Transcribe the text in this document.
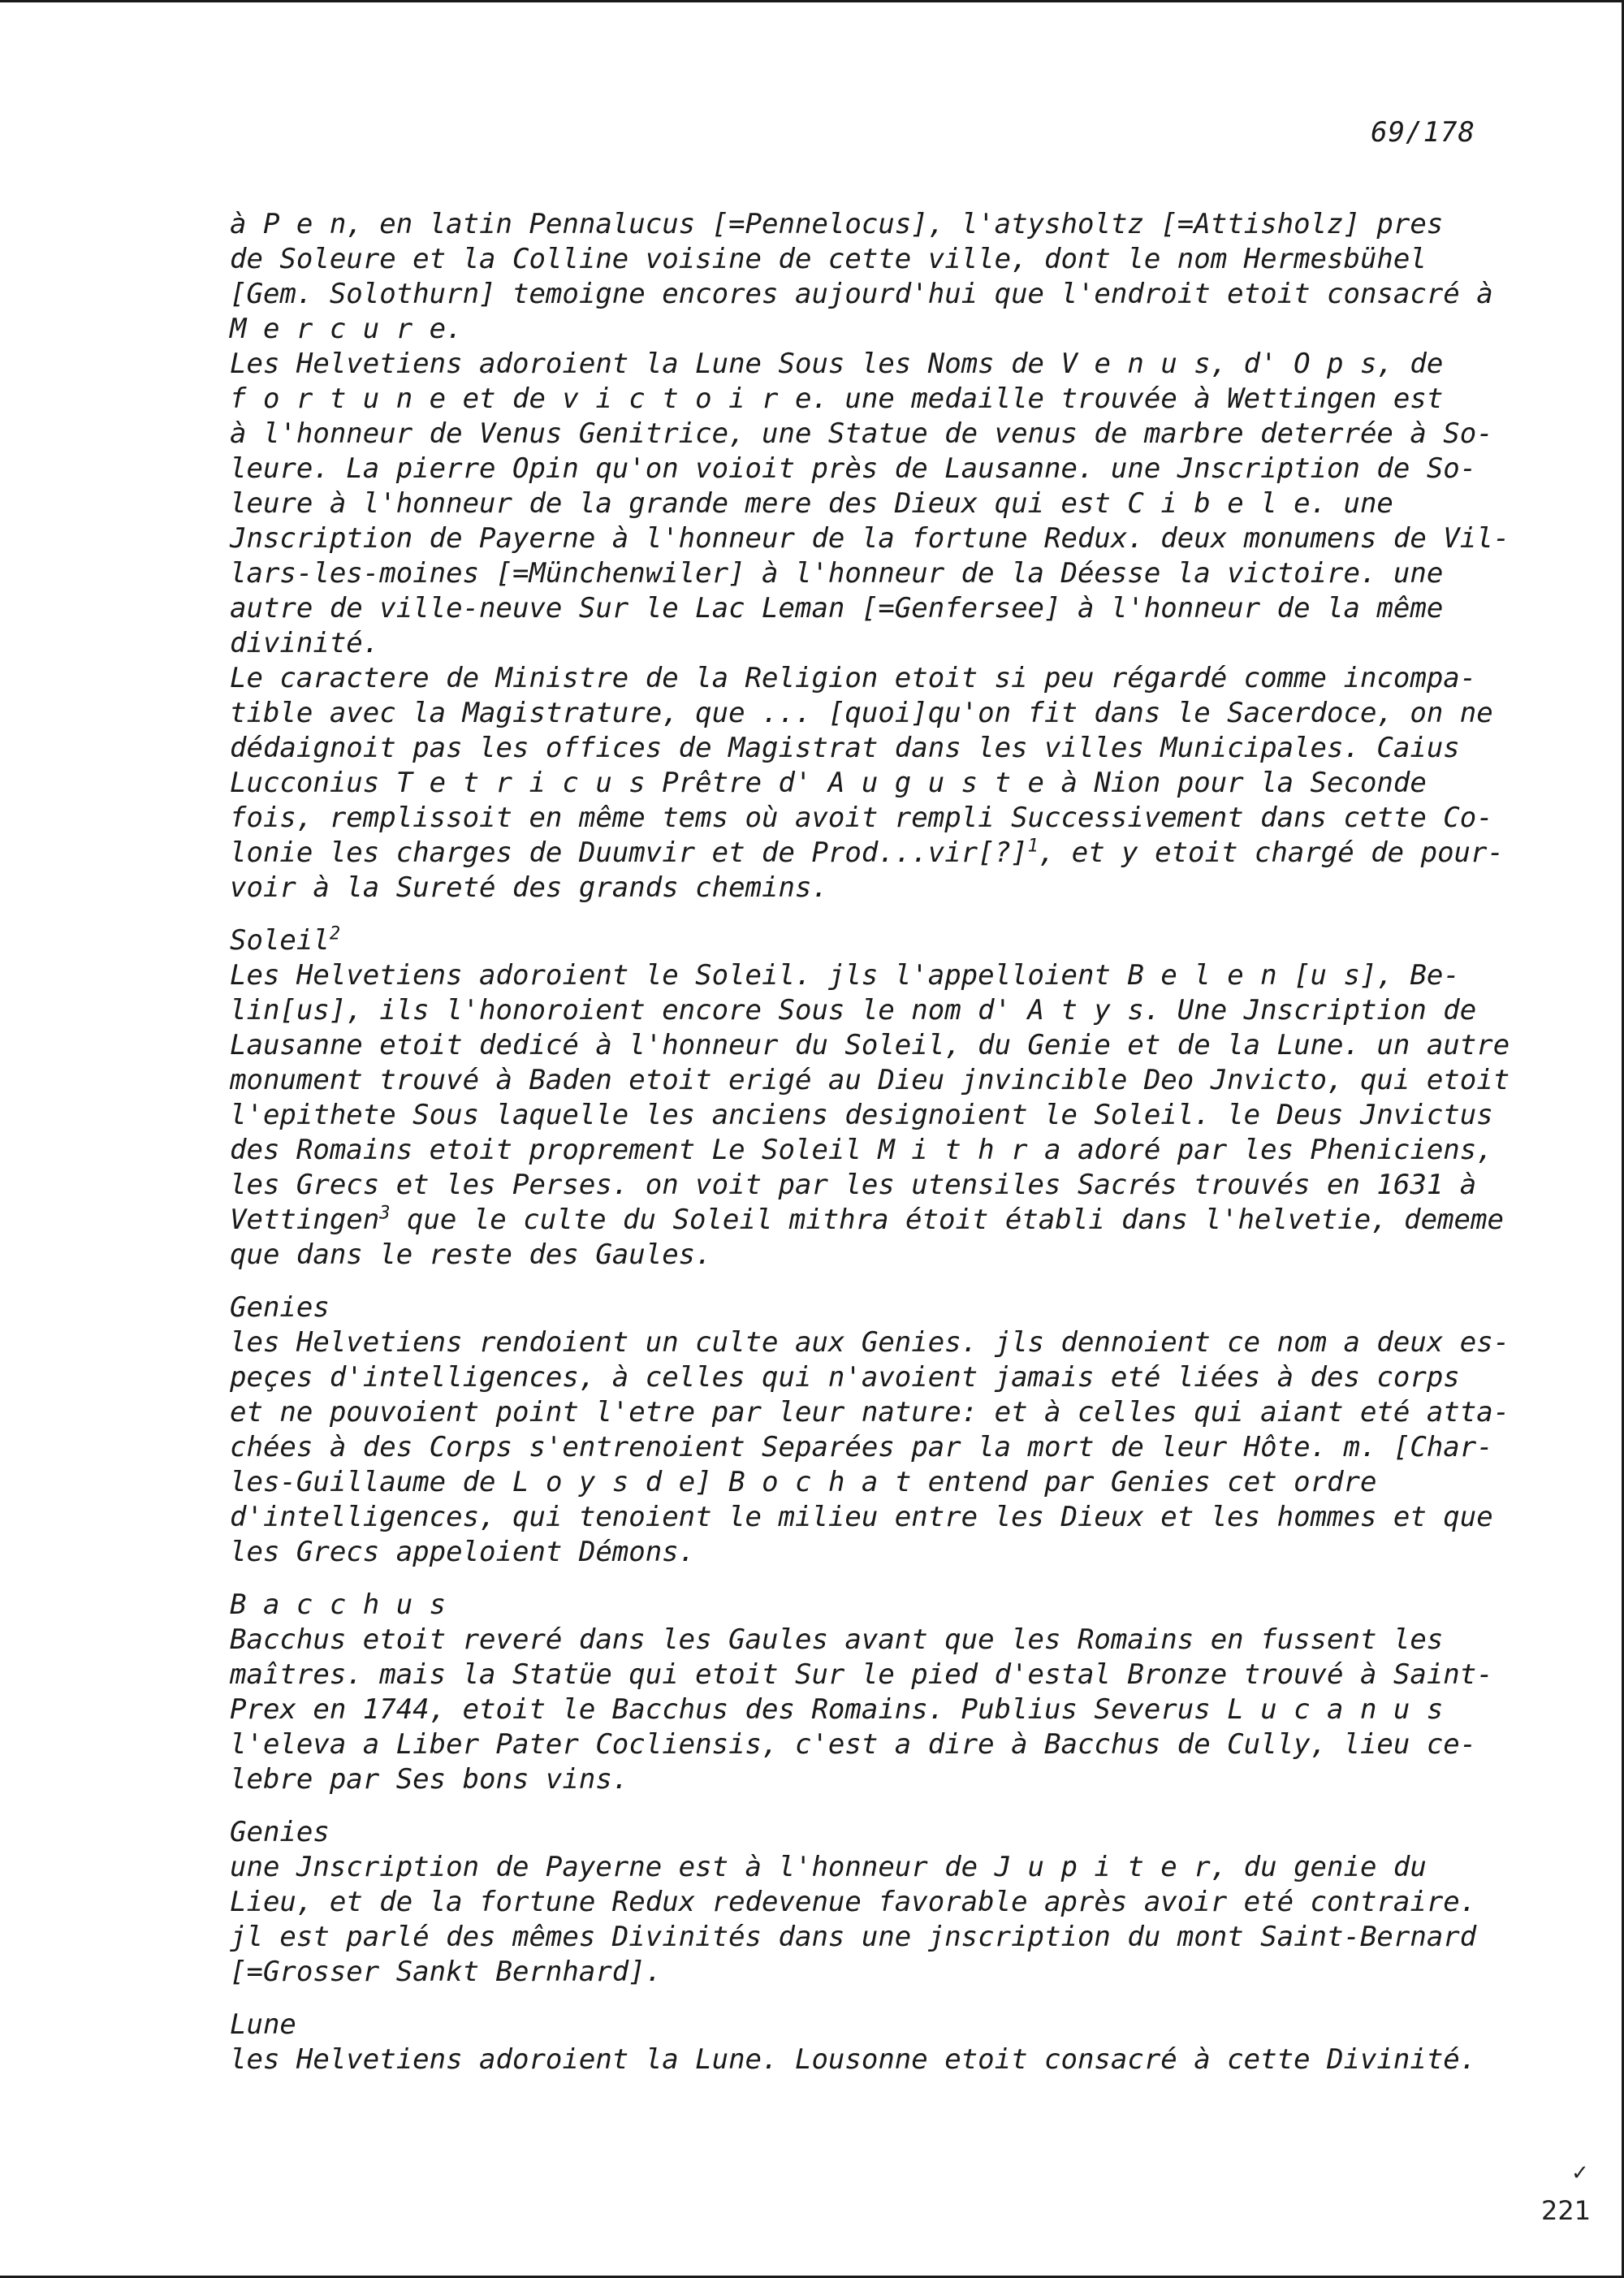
69/178
à P e n, en latin Pennalucus [=Pennelocus], l'atysholtz [=Attisholz] pres
de Soleure et la Colline voisine de cette ville, dont le nom Hermesbühel
[Gem. Solothurn] temoigne encores aujourd'hui que l'endroit etoit consacré à
M e r c u r e.
Les Helvetiens adoroient la Lune Sous les Noms de V e n u s, d' O p s, de
f o r t u n e et de v i c t o i r e. une medaille trouvée à Wettingen est
à l'honneur de Venus Genitrice, une Statue de venus de marbre deterrée à So-
leure. La pierre Opin qu'on voioit près de Lausanne. une Jnscription de So-
leure à l'honneur de la grande mere des Dieux qui est C i b e l e. une
Jnscription de Payerne à l'honneur de la fortune Redux. deux monumens de Vil-
lars-les-moines [=Münchenwiler] à l'honneur de la Déesse la victoire. une
autre de ville-neuve Sur le Lac Leman [=Genfersee] à l'honneur de la même
divinité.
Le caractere de Ministre de la Religion etoit si peu régardé comme incompa-
tible avec la Magistrature, que ... [quoi]qu'on fit dans le Sacerdoce, on ne
dédaignoit pas les offices de Magistrat dans les villes Municipales. Caius
Lucconius T e t r i c u s Prêtre d' A u g u s t e à Nion pour la Seconde
fois, remplissoit en même tems où avoit rempli Successivement dans cette Co-
lonie les charges de Duumvir et de Prod...vir[?]$^1$, et y etoit chargé de pour-
voir à la Sureté des grands chemins.
Soleil$^2$
Les Helvetiens adoroient le Soleil. jls l'appelloient B e l e n [u s], Be-
lin[us], ils l'honoroient encore Sous le nom d' A t y s. Une Jnscription de
Lausanne etoit dedicé à l'honneur du Soleil, du Genie et de la Lune. un autre
monument trouvé à Baden etoit erigé au Dieu jnvincible Deo Jnvicto, qui etoit
l'epithete Sous laquelle les anciens designoient le Soleil. le Deus Jnvictus
des Romains etoit proprement Le Soleil M i t h r a adoré par les Pheniciens,
les Grecs et les Perses. on voit par les utensiles Sacrés trouvés en 1631 à
Vettingen$^3$ que le culte du Soleil mithra étoit établi dans l'helvetie, dememe
que dans le reste des Gaules.
Genies
les Helvetiens rendoient un culte aux Genies. jls dennoient ce nom a deux es-
peçes d'intelligences, à celles qui n'avoient jamais eté liées à des corps
et ne pouvoient point l'etre par leur nature: et à celles qui aiant eté atta-
chées à des Corps s'entrenoient Separées par la mort de leur Hôte. m. [Char-
les-Guillaume de L o y s d e] B o c h a t entend par Genies cet ordre
d'intelligences, qui tenoient le milieu entre les Dieux et les hommes et que
les Grecs appeloient Démons.
B a c c h u s
Bacchus etoit reveré dans les Gaules avant que les Romains en fussent les
maîtres. mais la Statüe qui etoit Sur le pied d'estal Bronze trouvé à Saint-
Prex en 1744, etoit le Bacchus des Romains. Publius Severus L u c a n u s
l'eleva a Liber Pater Cocliensis, c'est a dire à Bacchus de Cully, lieu ce-
lebre par Ses bons vins.
Genies
une Jnscription de Payerne est à l'honneur de J u p i t e r, du genie du
Lieu, et de la fortune Redux redevenue favorable après avoir eté contraire.
jl est parlé des mêmes Divinités dans une jnscription du mont Saint-Bernard
[=Grosser Sankt Bernhard].
Lune
les Helvetiens adoroient la Lune. Lousonne etoit consacré à cette Divinité.
✓
221
